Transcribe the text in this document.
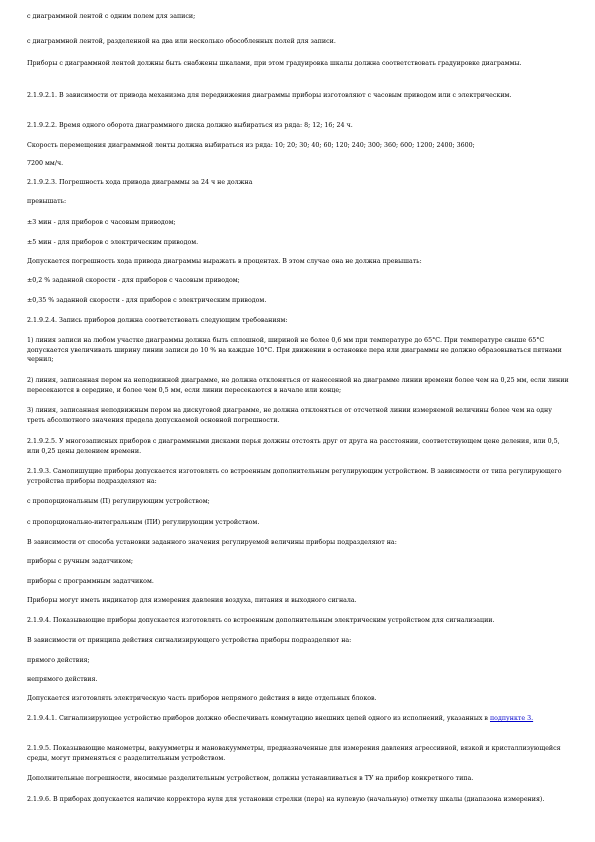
с диаграммной лентой с одним полем для записи;

с диаграммной лентой, разделенной на два или несколько обособленных полей для записи.

Приборы с диаграммной лентой должны быть снабжены шкалами, при этом градуировка шкалы должна соответствовать градуировке диаграммы.

2.1.9.2.1. В зависимости от привода механизма для передвижения диаграммы приборы изготовляют с часовым приводом или с электрическим.

2.1.9.2.2. Время одного оборота диаграммного диска должно выбираться из ряда: 8; 12; 16; 24 ч.

Скорость перемещения диаграммной ленты должна выбираться из ряда: 10; 20; 30; 40; 60; 120; 240; 300; 360; 600; 1200; 2400; 3600;

7200 мм/ч.

2.1.9.2.3. Погрешность хода привода диаграммы за 24 ч не должна

превышать:

±3 мин - для приборов с часовым приводом;

±5 мин - для приборов с электрическим приводом.

Допускается погрешность хода привода диаграммы выражать в процентах. В этом случае она не должна превышать:

±0,2 % заданной скорости - для приборов с часовым приводом;

±0,35 % заданной скорости - для приборов с электрическим приводом.

2.1.9.2.4. Запись приборов должна соответствовать следующим требованиям:

1) линия записи на любом участке диаграммы должна быть сплошной, шириной не более 0,6 мм при температуре до 65°С. При температуре свыше 65°С допускается увеличивать ширину линии записи до 10 % на каждые 10°С. При движении в остановке пера или диаграммы не должно образовываться пятнами чернил;

2) линия, записанная пером на неподвижной диаграмме, не должна отклоняться от нанесенной на диаграмме линии времени более чем на 0,25 мм, если линии пересекаются в середине, и более чем 0,5 мм, если линии пересекаются в начале или конце;

3) линия, записанная неподвижным пером на дискуговой диаграмме, не должна отклоняться от отсчетной линии измеряемой величины более чем на одну треть абсолютного значения предела допускаемой основной погрешности.

2.1.9.2.5. У многозаписных приборов с диаграммными дисками перья должны отстоять друг от друга на расстоянии, соответствующем цене деления, или 0,5, или 0,25 цены делением времени.

2.1.9.3. Самопишущие приборы допускается изготовлять со встроенным дополнительным регулирующим устройством. В зависимости от типа регулирующего устройства приборы подразделяют на:

с пропорциональным (П) регулирующим устройством;

с пропорционально-интегральным (ПИ) регулирующим устройством.

В зависимости от способа установки заданного значения регулируемой величины приборы подразделяют на:

приборы с ручным задатчиком;

приборы с программным задатчиком.

Приборы могут иметь индикатор для измерения давления воздуха, питания и выходного сигнала.

2.1.9.4. Показывающие приборы допускается изготовлять со встроенным дополнительным электрическим устройством для сигнализации.

В зависимости от принципа действия сигнализирующего устройства приборы подразделяют на:

прямого действия;

непрямого действия.

Допускается изготовлять электрическую часть приборов непрямого действия в виде отдельных блоков.

2.1.9.4.1. Сигнализирующее устройство приборов должно обеспечивать коммутацию внешних цепей одного из исполнений, указанных в подпункте 3.

2.1.9.5. Показывающие манометры, вакуумметры и мановакуумметры, предназначенные для измерения давления агрессивной, вязкой и кристаллизующейся среды, могут применяться с разделительным устройством.

Дополнительные погрешности, вносимые разделительным устройством, должны устанавливаться в ТУ на прибор конкретного типа.

2.1.9.6. В приборах допускается наличие корректора нуля для установки стрелки (пера) на нулевую (начальную) отметку шкалы (диапазона измерения).
